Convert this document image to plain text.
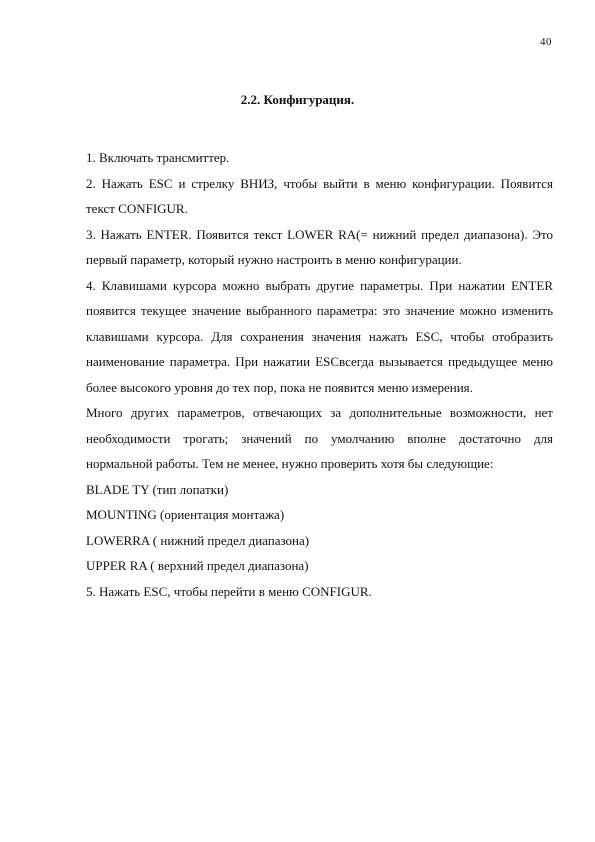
40
2.2. Конфигурация.

1. Включать трансмиттер.

2. Нажать ESC и стрелку ВНИЗ, чтобы выйти в меню конфигурации. Появится текст CONFIGUR.

3. Нажать ENTER. Появится текст LOWER RA(= нижний предел диапазона). Это первый параметр, который нужно настроить в меню конфигурации.

4. Клавишами курсора можно выбрать другие параметры. При нажатии ENTER появится текущее значение выбранного параметра: это значение можно изменить клавишами курсора. Для сохранения значения нажать ESC, чтобы отобразить наименование параметра. При нажатии ESCвсегда вызывается предыдущее меню более высокого уровня до тех пор, пока не появится меню измерения.

Много других параметров, отвечающих за дополнительные возможности, нет необходимости трогать; значений по умолчанию вполне достаточно для нормальной работы. Тем не менее, нужно проверить хотя бы следующие:

BLADE TY (тип лопатки)

MOUNTING (ориентация монтажа)

LOWERRA ( нижний предел диапазона)

UPPER RA ( верхний предел диапазона)

5. Нажать ESC, чтобы перейти в меню CONFIGUR.
